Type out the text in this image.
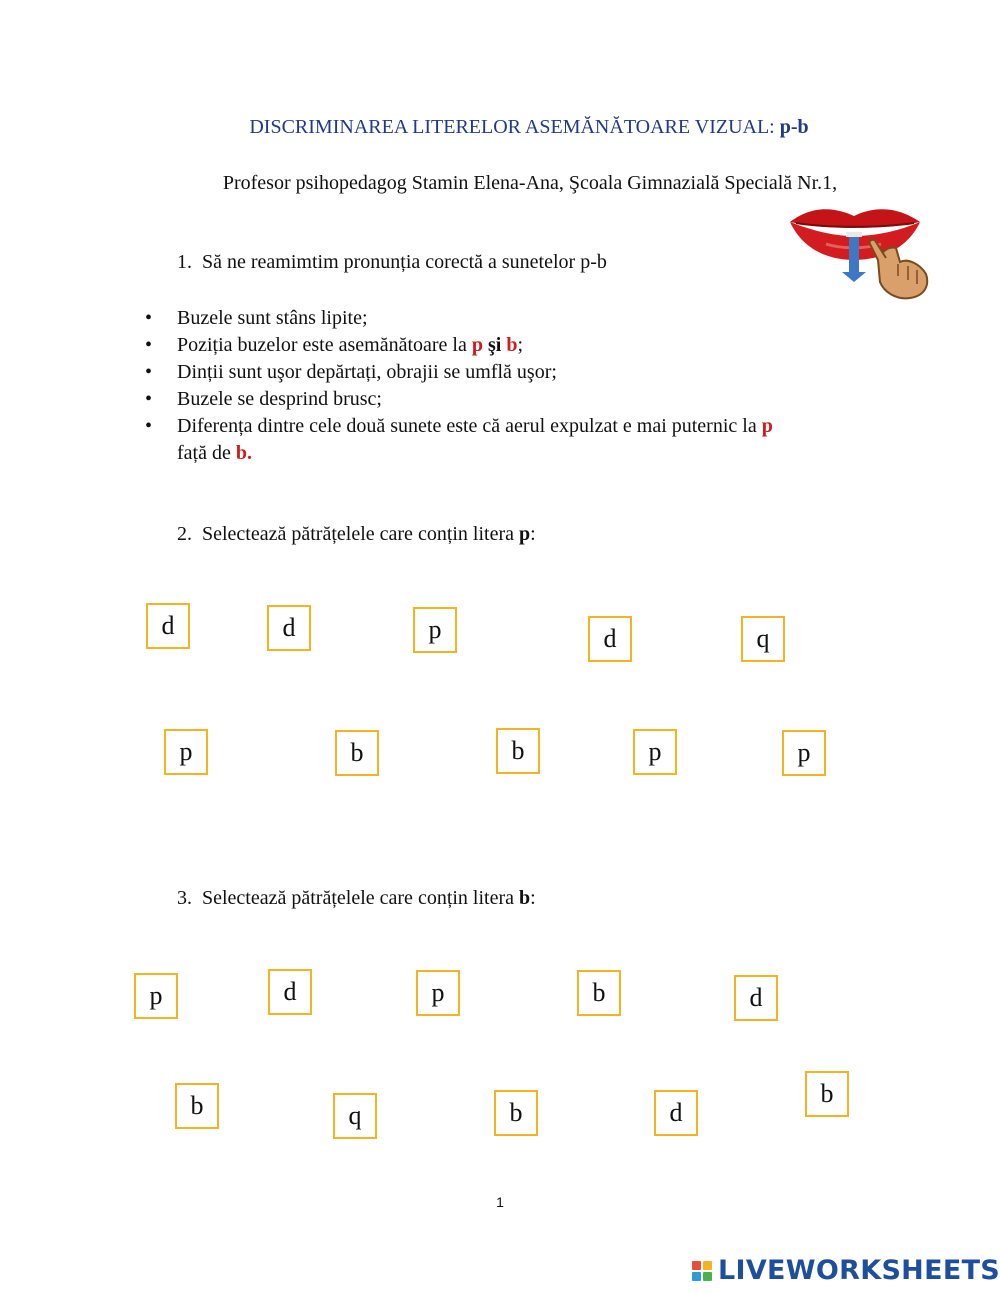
DISCRIMINAREA LITERELOR ASEMĂNĂTOARE VIZUAL: p-b
Profesor psihopedagog Stamin Elena-Ana, Şcoala Gimnazială Specială Nr.1,
1. Să ne reamimtim pronunția corectă a sunetelor p-b
•	Buzele sunt stâns lipite;
•	Poziția buzelor este asemănătoare la p şi b;
•	Dinții sunt uşor depărtați, obrajii se umflă uşor;
•	Buzele se desprind brusc;
•	Diferența dintre cele două sunete este că aerul expulzat e mai puternic la p
față de b.
2. Selectează pătrățelele care conțin litera p:
d	d	p	d	q
p	b	b	p	p
3. Selectează pătrățelele care conțin litera b:
p	d	p	b	d
b	q	b	d
b
1
LIVEWORKSHEETS
